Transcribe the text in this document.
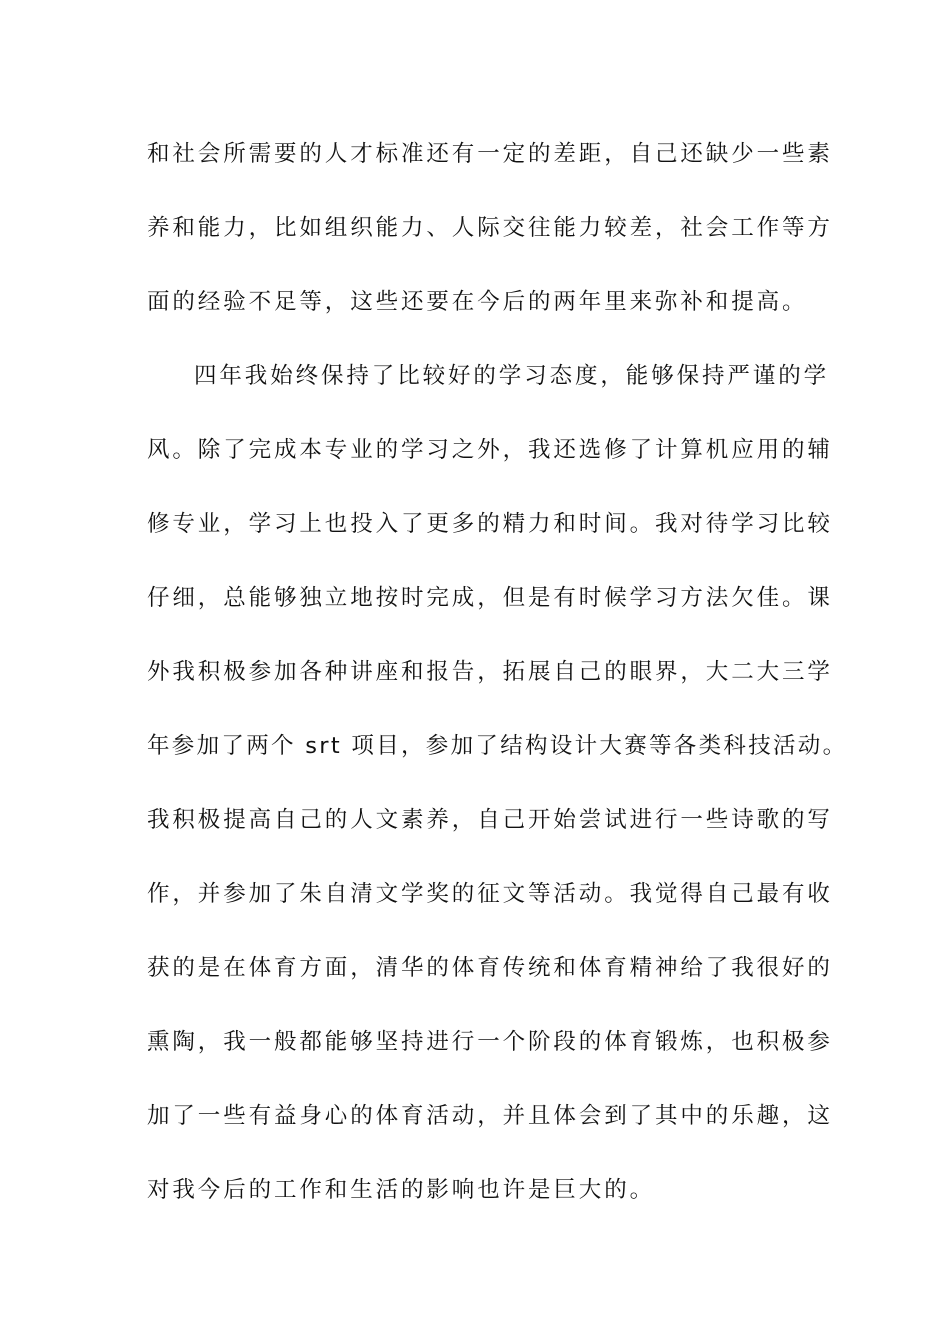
和社会所需要的人才标准还有一定的差距，自己还缺少一些素
养和能力，比如组织能力、人际交往能力较差，社会工作等方
面的经验不足等，这些还要在今后的两年里来弥补和提高。
四年我始终保持了比较好的学习态度，能够保持严谨的学
风。除了完成本专业的学习之外，我还选修了计算机应用的辅
修专业，学习上也投入了更多的精力和时间。我对待学习比较
仔细，总能够独立地按时完成，但是有时候学习方法欠佳。课
外我积极参加各种讲座和报告，拓展自己的眼界，大二大三学
年参加了两个 srt 项目，参加了结构设计大赛等各类科技活动。
我积极提高自己的人文素养，自己开始尝试进行一些诗歌的写
作，并参加了朱自清文学奖的征文等活动。我觉得自己最有收
获的是在体育方面，清华的体育传统和体育精神给了我很好的
熏陶，我一般都能够坚持进行一个阶段的体育锻炼，也积极参
加了一些有益身心的体育活动，并且体会到了其中的乐趣，这
对我今后的工作和生活的影响也许是巨大的。
